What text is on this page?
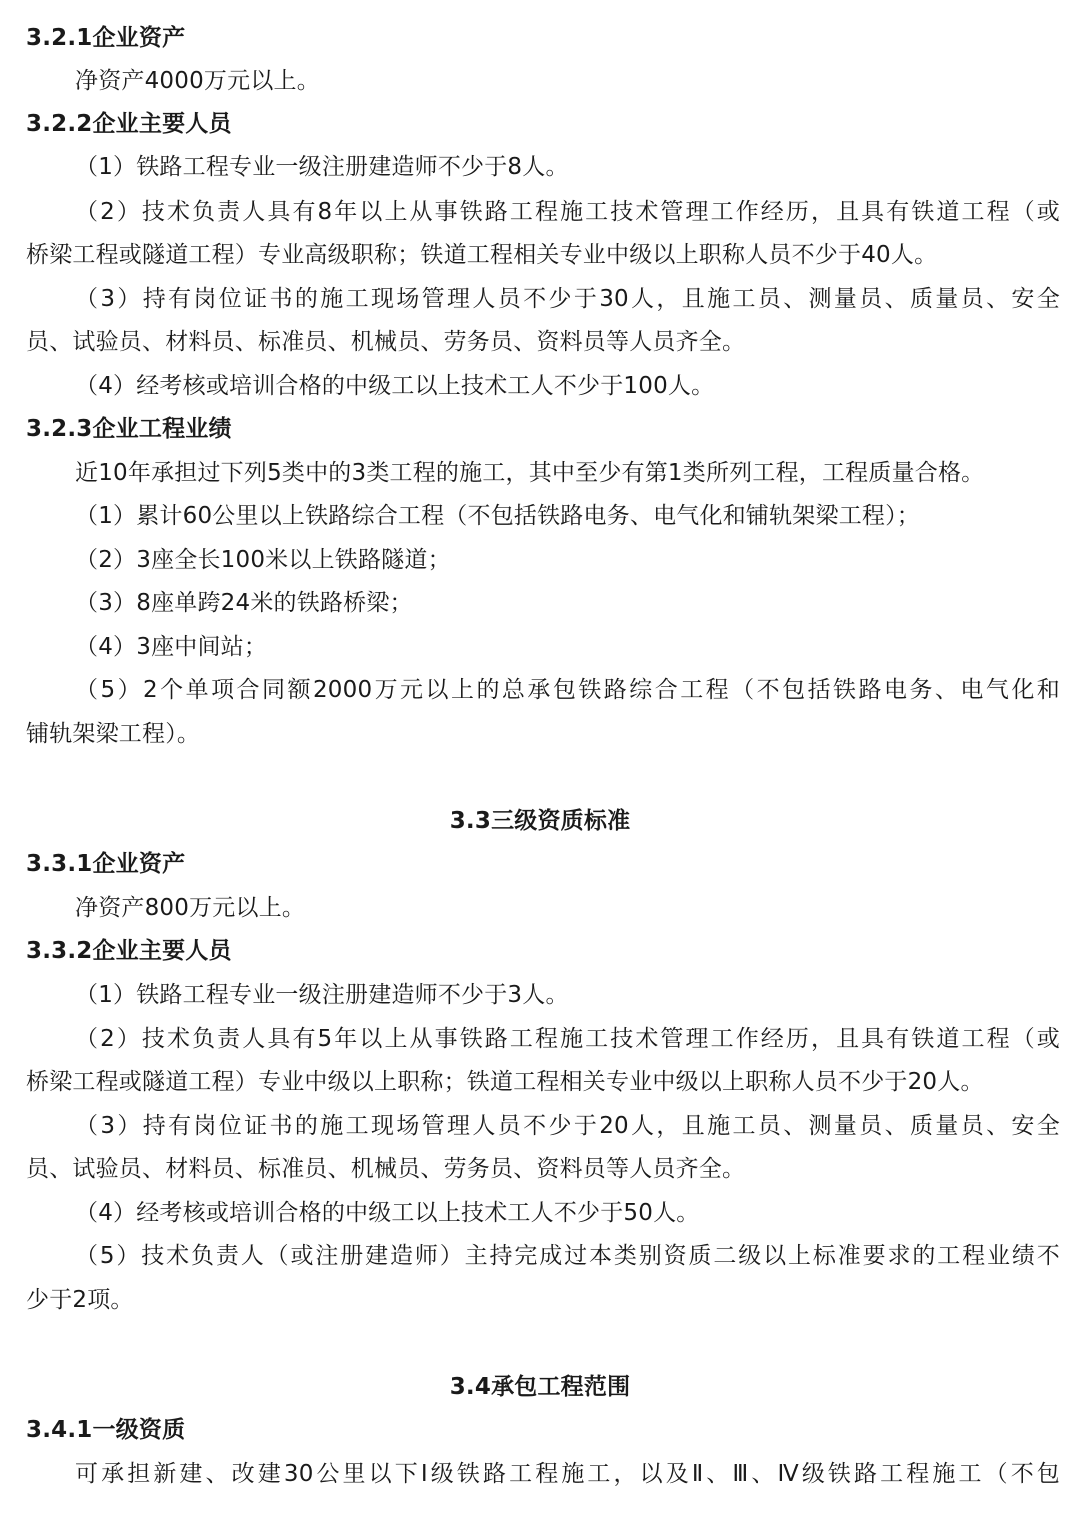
3.2.1企业资产
净资产4000万元以上。
3.2.2企业主要人员
（1）铁路工程专业一级注册建造师不少于8人。
（2）技术负责人具有8年以上从事铁路工程施工技术管理工作经历，且具有铁道工程（或
桥梁工程或隧道工程）专业高级职称；铁道工程相关专业中级以上职称人员不少于40人。
（3）持有岗位证书的施工现场管理人员不少于30人，且施工员、测量员、质量员、安全
员、试验员、材料员、标准员、机械员、劳务员、资料员等人员齐全。
（4）经考核或培训合格的中级工以上技术工人不少于100人。
3.2.3企业工程业绩
近10年承担过下列5类中的3类工程的施工，其中至少有第1类所列工程，工程质量合格。
（1）累计60公里以上铁路综合工程（不包括铁路电务、电气化和铺轨架梁工程）；
（2）3座全长100米以上铁路隧道；
（3）8座单跨24米的铁路桥梁；
（4）3座中间站；
（5）2个单项合同额2000万元以上的总承包铁路综合工程（不包括铁路电务、电气化和
铺轨架梁工程）。
3.3三级资质标准
3.3.1企业资产
净资产800万元以上。
3.3.2企业主要人员
（1）铁路工程专业一级注册建造师不少于3人。
（2）技术负责人具有5年以上从事铁路工程施工技术管理工作经历，且具有铁道工程（或
桥梁工程或隧道工程）专业中级以上职称；铁道工程相关专业中级以上职称人员不少于20人。
（3）持有岗位证书的施工现场管理人员不少于20人，且施工员、测量员、质量员、安全
员、试验员、材料员、标准员、机械员、劳务员、资料员等人员齐全。
（4）经考核或培训合格的中级工以上技术工人不少于50人。
（5）技术负责人（或注册建造师）主持完成过本类别资质二级以上标准要求的工程业绩不
少于2项。
3.4承包工程范围
3.4.1一级资质
可承担新建、改建30公里以下Ⅰ级铁路工程施工，以及Ⅱ、Ⅲ、Ⅳ级铁路工程施工（不包
